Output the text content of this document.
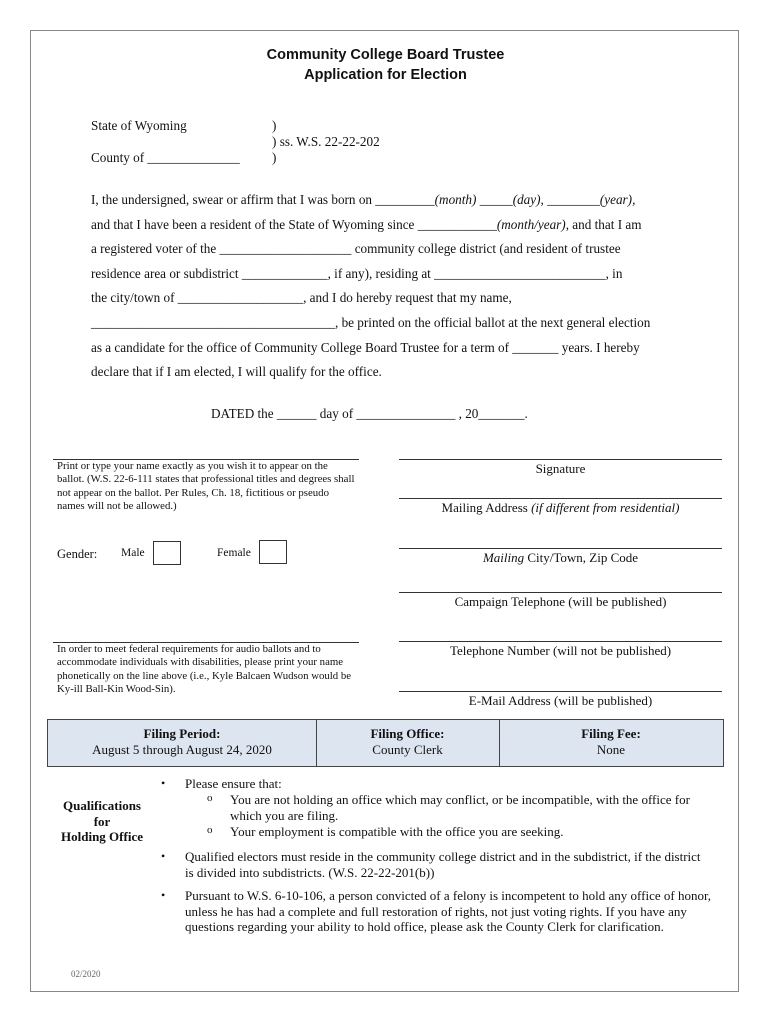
Community College Board Trustee
Application for Election
State of Wyoming	)
) ss. W.S. 22-22-202
County of ______________ )
I, the undersigned, swear or affirm that I was born on _________(month) _____(day), ________(year),
and that I have been a resident of the State of Wyoming since ____________(month/year), and that I am
a registered voter of the ____________________ community college district (and resident of trustee
residence area or subdistrict _____________, if any), residing at __________________________, in
the city/town of ___________________, and I do hereby request that my name,
_____________________________________, be printed on the official ballot at the next general election
as a candidate for the office of Community College Board Trustee for a term of _______ years. I hereby
declare that if I am elected, I will qualify for the office.
DATED the ______ day of _______________ , 20_______.
Print or type your name exactly as you wish it to appear on the ballot. (W.S. 22-6-111 states that professional titles and degrees shall not appear on the ballot. Per Rules, Ch. 18, fictitious or pseudo names will not be allowed.)
Gender: Male	Female
In order to meet federal requirements for audio ballots and to accommodate individuals with disabilities, please print your name phonetically on the line above (i.e., Kyle Balcaen Wudson would be Ky-ill Ball-Kin Wood-Sin).
Signature
Mailing Address (if different from residential)
Mailing City/Town, Zip Code
Campaign Telephone (will be published)
Telephone Number (will not be published)
E-Mail Address (will be published)
Filing Period:
August 5 through August 24, 2020
Filing Office:
County Clerk
Filing Fee:
None
Qualifications
for
Holding Office
• Please ensure that:
o You are not holding an office which may conflict, or be incompatible, with the office for which you are filing.
o Your employment is compatible with the office you are seeking.
• Qualified electors must reside in the community college district and in the subdistrict, if the district is divided into subdistricts. (W.S. 22-22-201(b))
• Pursuant to W.S. 6-10-106, a person convicted of a felony is incompetent to hold any office of honor, unless he has had a complete and full restoration of rights, not just voting rights. If you have any questions regarding your ability to hold office, please ask the County Clerk for clarification.
02/2020
